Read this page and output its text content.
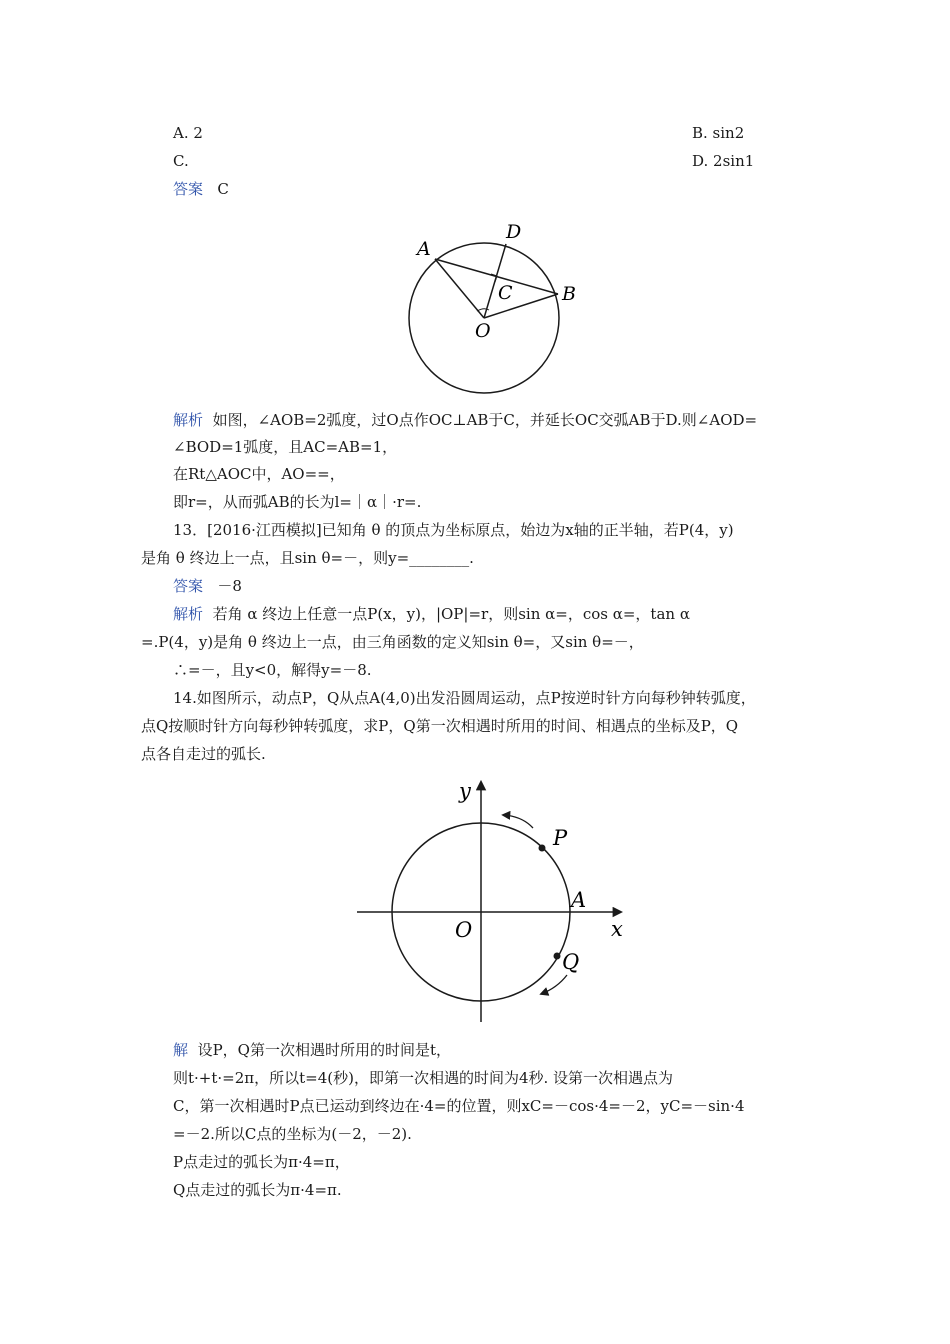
A. 2	B. sin2
C.	D. 2sin1
答案 C
A
D
C	B
O
解析 如图，∠AOB=2弧度，过O点作OC⊥AB于C，并延长OC交弧AB于D.则∠AOD=
∠BOD=1弧度，且AC=AB=1，
在Rt△AOC中，AO==，
即r=，从而弧AB的长为l=｜α｜·r=.
13．[2016·江西模拟]已知角 θ 的顶点为坐标原点，始边为x轴的正半轴，若P(4，y)
是角 θ 终边上一点，且sin θ=－，则y=________.
答案 －8
解析 若角 α 终边上任意一点P(x，y)，|OP|=r，则sin α=，cos α=，tan α
=.P(4，y)是角 θ 终边上一点，由三角函数的定义知sin θ=，又sin θ=－，
∴=－，且y<0，解得y=－8.
14.如图所示，动点P，Q从点A(4,0)出发沿圆周运动，点P按逆时针方向每秒钟转弧度，
点Q按顺时针方向每秒钟转弧度，求P，Q第一次相遇时所用的时间、相遇点的坐标及P，Q
点各自走过的弧长.
y
x
O
A
P
Q
解 设P，Q第一次相遇时所用的时间是t，
则t·+t·=2π，所以t=4(秒)，即第一次相遇的时间为4秒. 设第一次相遇点为
C，第一次相遇时P点已运动到终边在·4=的位置，则xC=－cos·4=－2，yC=－sin·4
=－2.所以C点的坐标为(－2，－2).
P点走过的弧长为π·4=π，
Q点走过的弧长为π·4=π.
